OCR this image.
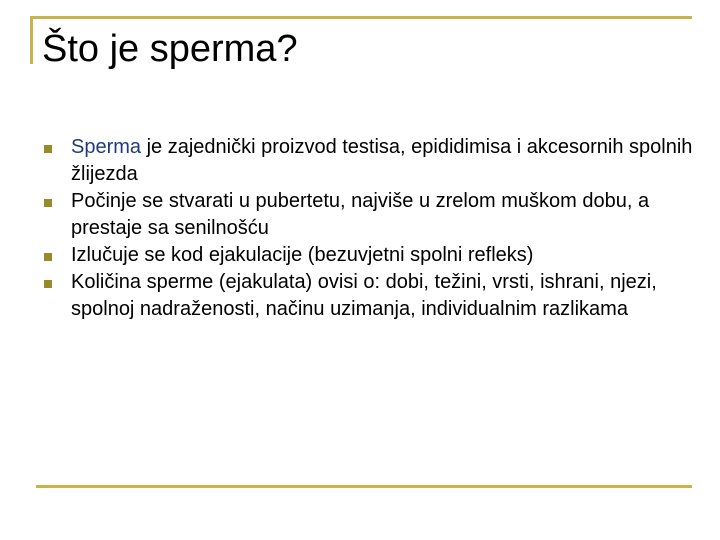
Što je sperma?
Sperma je zajednički proizvod testisa, epididimisa i akcesornih spolnih žlijezda
Počinje se stvarati u pubertetu, najviše u zrelom muškom dobu, a prestaje sa senilnošću
Izlučuje se kod ejakulacije (bezuvjetni spolni refleks)
Količina sperme (ejakulata) ovisi o: dobi, težini, vrsti, ishrani, njezi, spolnoj nadraženosti, načinu uzimanja, individualnim razlikama
